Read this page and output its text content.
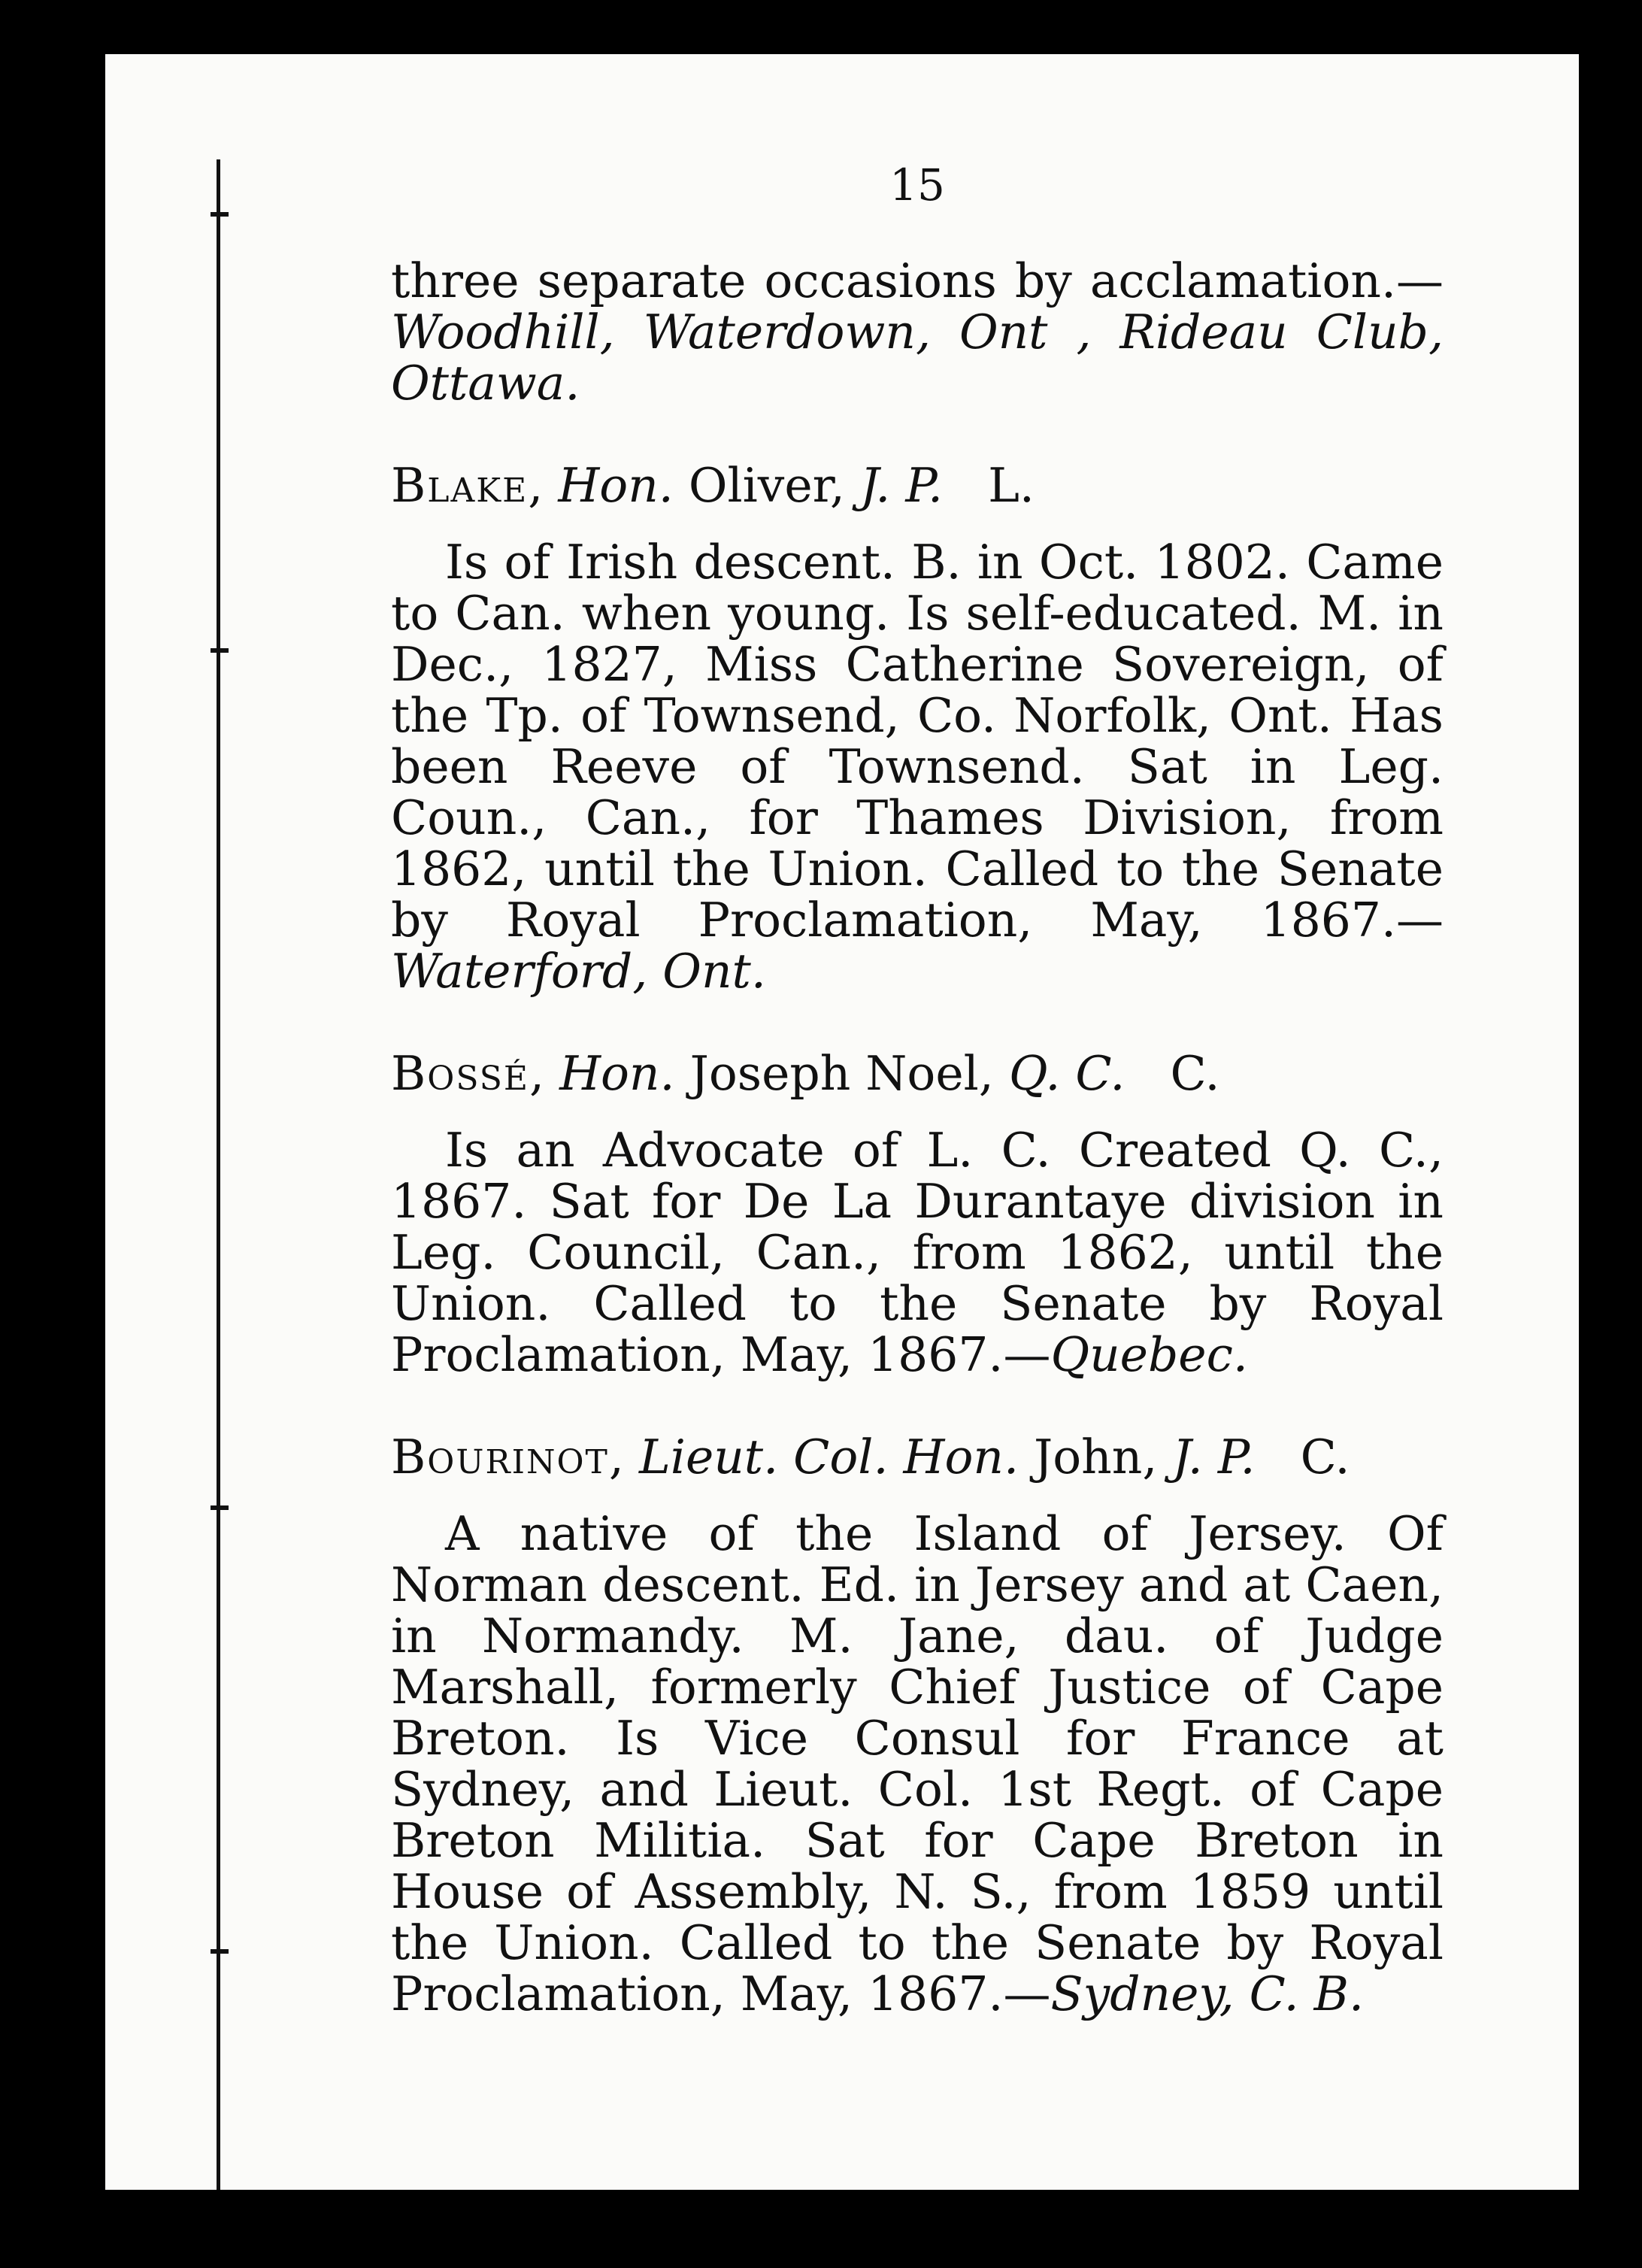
15

three separate occasions by acclamation.— Woodhill, Waterdown, Ont , Rideau Club, Ottawa.

Blake, Hon. Oliver, J. P. L.

Is of Irish descent. B. in Oct. 1802. Came to Can. when young. Is self-educated. M. in Dec., 1827, Miss Catherine Sovereign, of the Tp. of Townsend, Co. Norfolk, Ont. Has been Reeve of Townsend. Sat in Leg. Coun., Can., for Thames Division, from 1862, until the Union. Called to the Senate by Royal Proclamation, May, 1867.—Waterford, Ont.

Bossé, Hon. Joseph Noel, Q. C. C.

Is an Advocate of L. C. Created Q. C., 1867. Sat for De La Durantaye division in Leg. Council, Can., from 1862, until the Union. Called to the Senate by Royal Proclamation, May, 1867.—Quebec.

Bourinot, Lieut. Col. Hon. John, J. P. C.

A native of the Island of Jersey. Of Norman descent. Ed. in Jersey and at Caen, in Normandy. M. Jane, dau. of Judge Marshall, formerly Chief Justice of Cape Breton. Is Vice Consul for France at Sydney, and Lieut. Col. 1st Regt. of Cape Breton Militia. Sat for Cape Breton in House of Assembly, N. S., from 1859 until the Union. Called to the Senate by Royal Proclamation, May, 1867.—Sydney, C. B.
